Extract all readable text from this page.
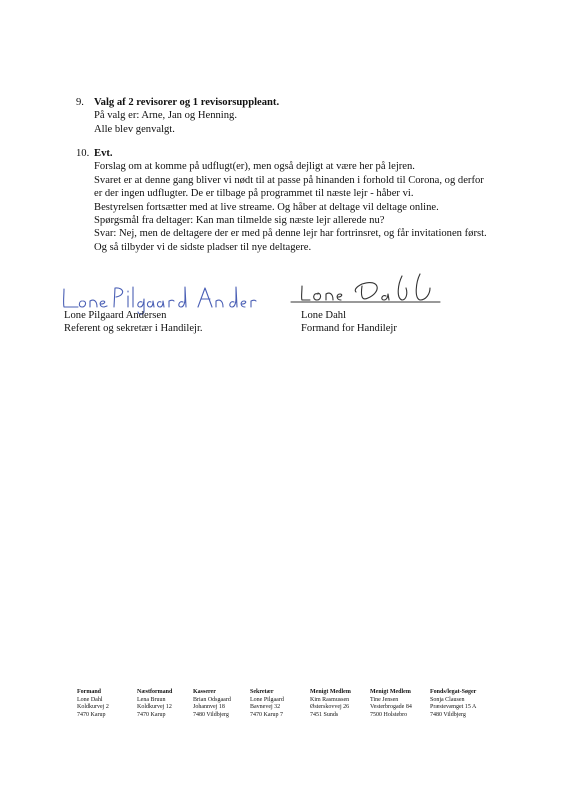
9. Valg af 2 revisorer og 1 revisorsuppleant.
På valg er: Arne, Jan og Henning.
Alle blev genvalgt.
10. Evt.
Forslag om at komme på udflugt(er), men også dejligt at være her på lejren.
Svaret er at denne gang bliver vi nødt til at passe på hinanden i forhold til Corona, og derfor
er der ingen udflugter. De er tilbage på programmet til næste lejr - håber vi.
Bestyrelsen fortsætter med at live streame. Og håber at deltage vil deltage online.
Spørgsmål fra deltager: Kan man tilmelde sig næste lejr allerede nu?
Svar: Nej, men de deltagere der er med på denne lejr har fortrinsret, og får invitationen først.
Og så tilbyder vi de sidste pladser til nye deltagere.
Lone Pilgaard Andersen
Referent og sekretær i Handilejr.
Lone Dahl
Formand for Handilejr
Formand
Lone Dahl
Koldkurvej 2
7470 Karup
Næstformand
Lena Bruun
Koldkurvej 12
7470 Karup
Kasserer
Brian Odsgaard
Johannvej 18
7480 Vildbjerg
Sekretær
Lone Pilgaard
Bavnevej 32
7470 Karup 7
Menigt Medlem
Kim Rasmussen
Østerskovvej 26
7451 Sunds
Menigt Medlem
Tine Jensen
Vesterbrogade 84
7500 Holstebro
Fonds/legat-Søger
Sonja Clausen
Præstevænget 15 A
7480 Vildbjerg
